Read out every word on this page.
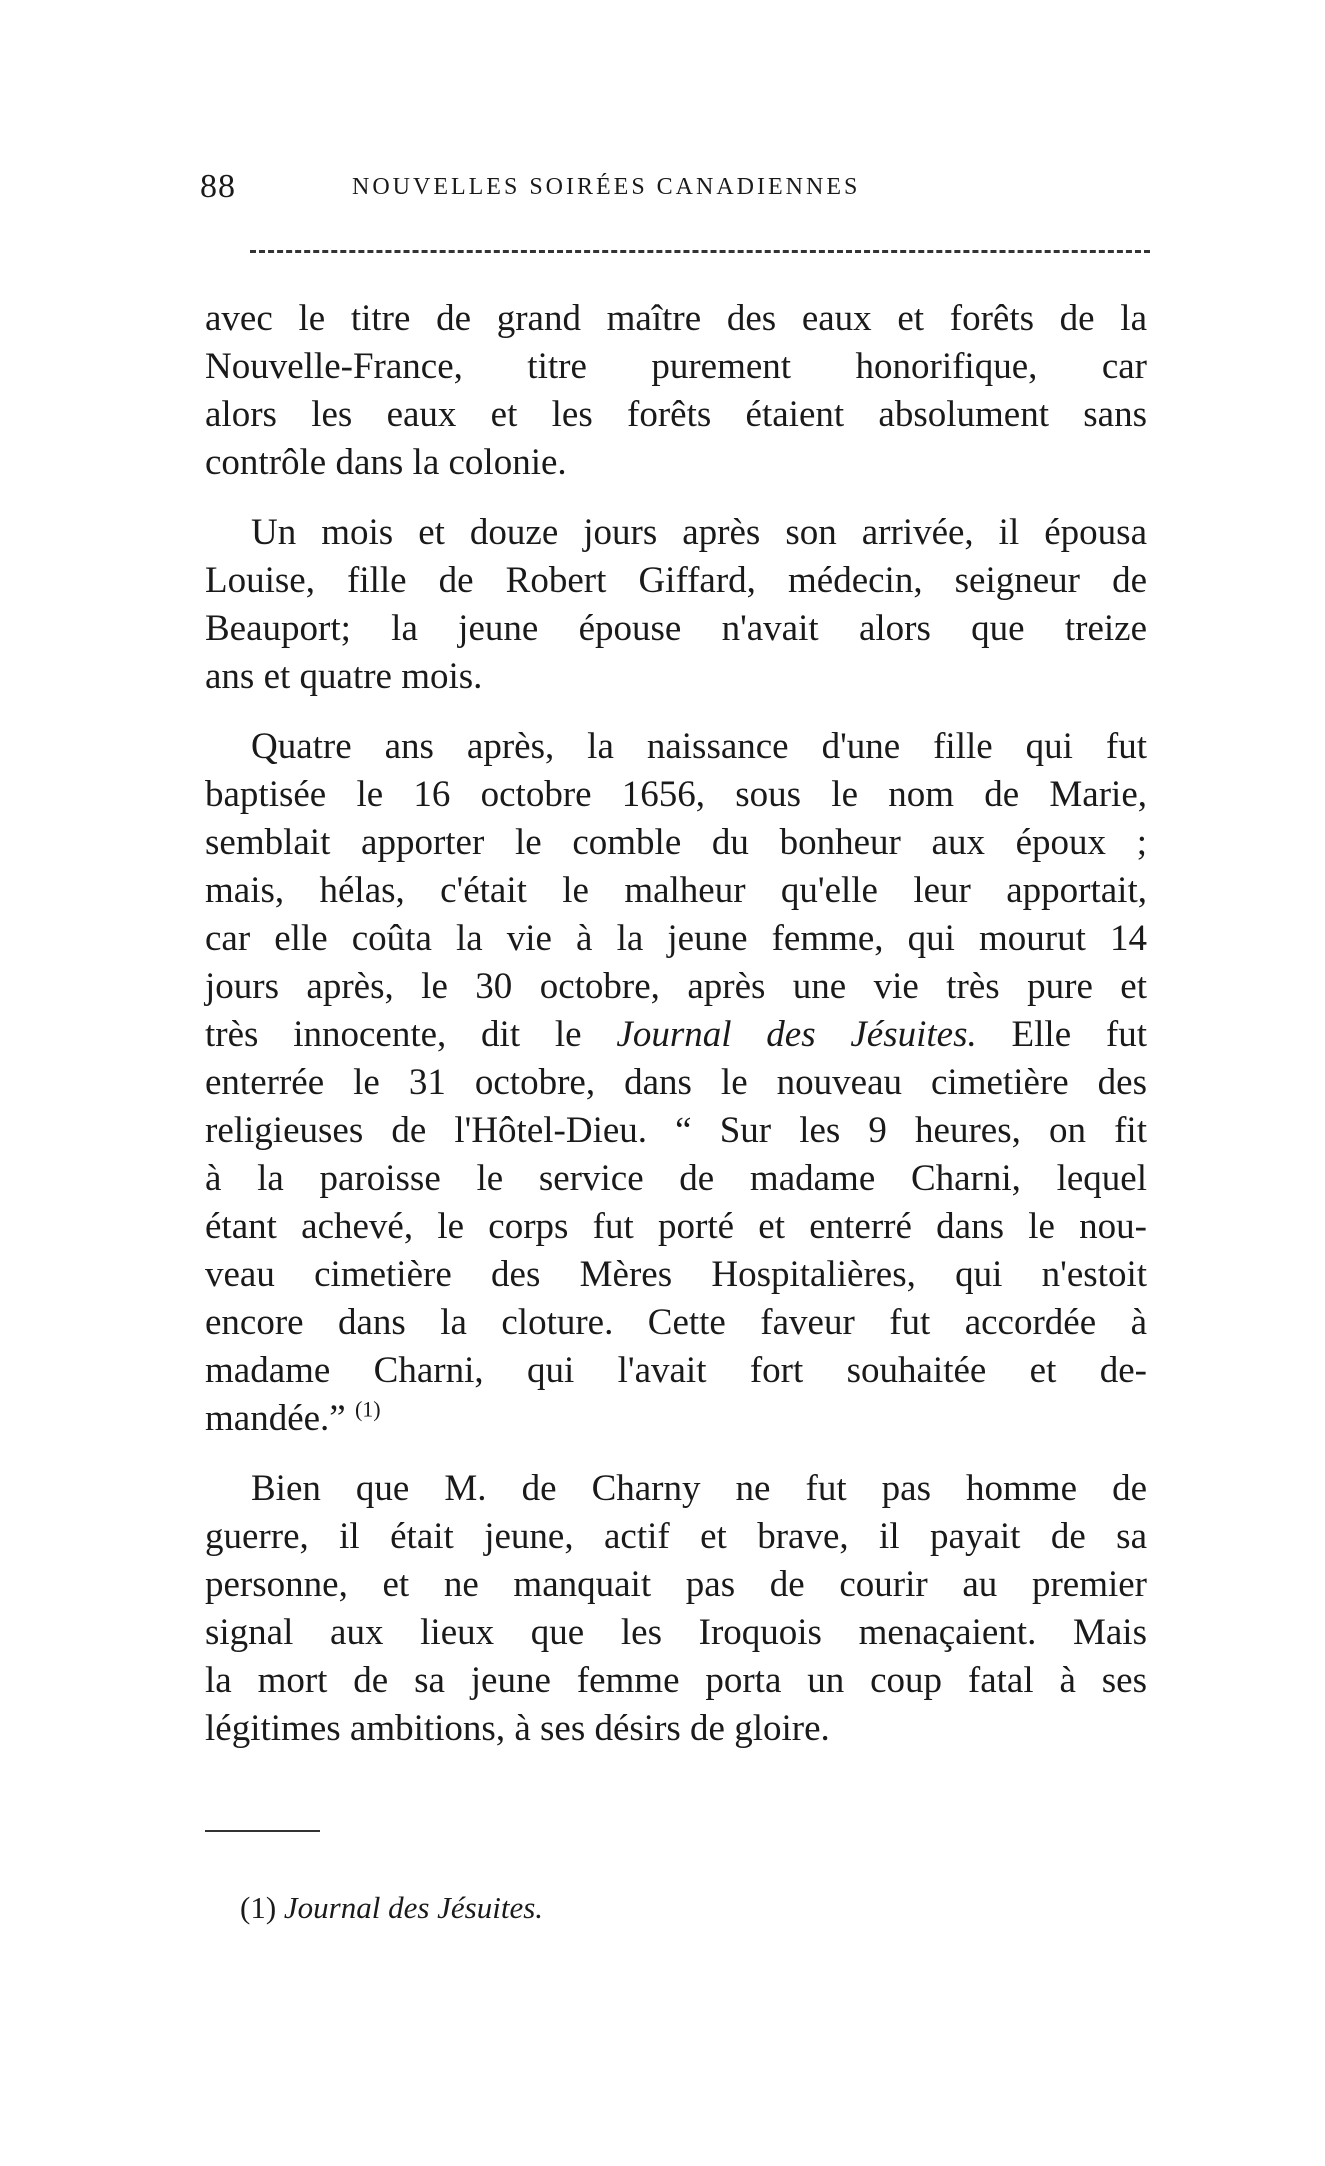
88	NOUVELLES SOIRÉES CANADIENNES

avec le titre de grand maître des eaux et forêts de la
Nouvelle-France, titre purement honorifique, car
alors les eaux et les forêts étaient absolument sans
contrôle dans la colonie.

Un mois et douze jours après son arrivée, il épousa
Louise, fille de Robert Giffard, médecin, seigneur de
Beauport; la jeune épouse n'avait alors que treize
ans et quatre mois.

Quatre ans après, la naissance d'une fille qui fut
baptisée le 16 octobre 1656, sous le nom de Marie,
semblait apporter le comble du bonheur aux époux ;
mais, hélas, c'était le malheur qu'elle leur apportait,
car elle coûta la vie à la jeune femme, qui mourut 14
jours après, le 30 octobre, après une vie très pure et
très innocente, dit le Journal des Jésuites. Elle fut
enterrée le 31 octobre, dans le nouveau cimetière des
religieuses de l'Hôtel-Dieu. “ Sur les 9 heures, on fit
à la paroisse le service de madame Charni, lequel
étant achevé, le corps fut porté et enterré dans le nou-
veau cimetière des Mères Hospitalières, qui n'estoit
encore dans la cloture. Cette faveur fut accordée à
madame Charni, qui l'avait fort souhaitée et de-
mandée.” $^{(1)}$

Bien que M. de Charny ne fut pas homme de
guerre, il était jeune, actif et brave, il payait de sa
personne, et ne manquait pas de courir au premier
signal aux lieux que les Iroquois menaçaient. Mais
la mort de sa jeune femme porta un coup fatal à ses
légitimes ambitions, à ses désirs de gloire.

(1) Journal des Jésuites.
